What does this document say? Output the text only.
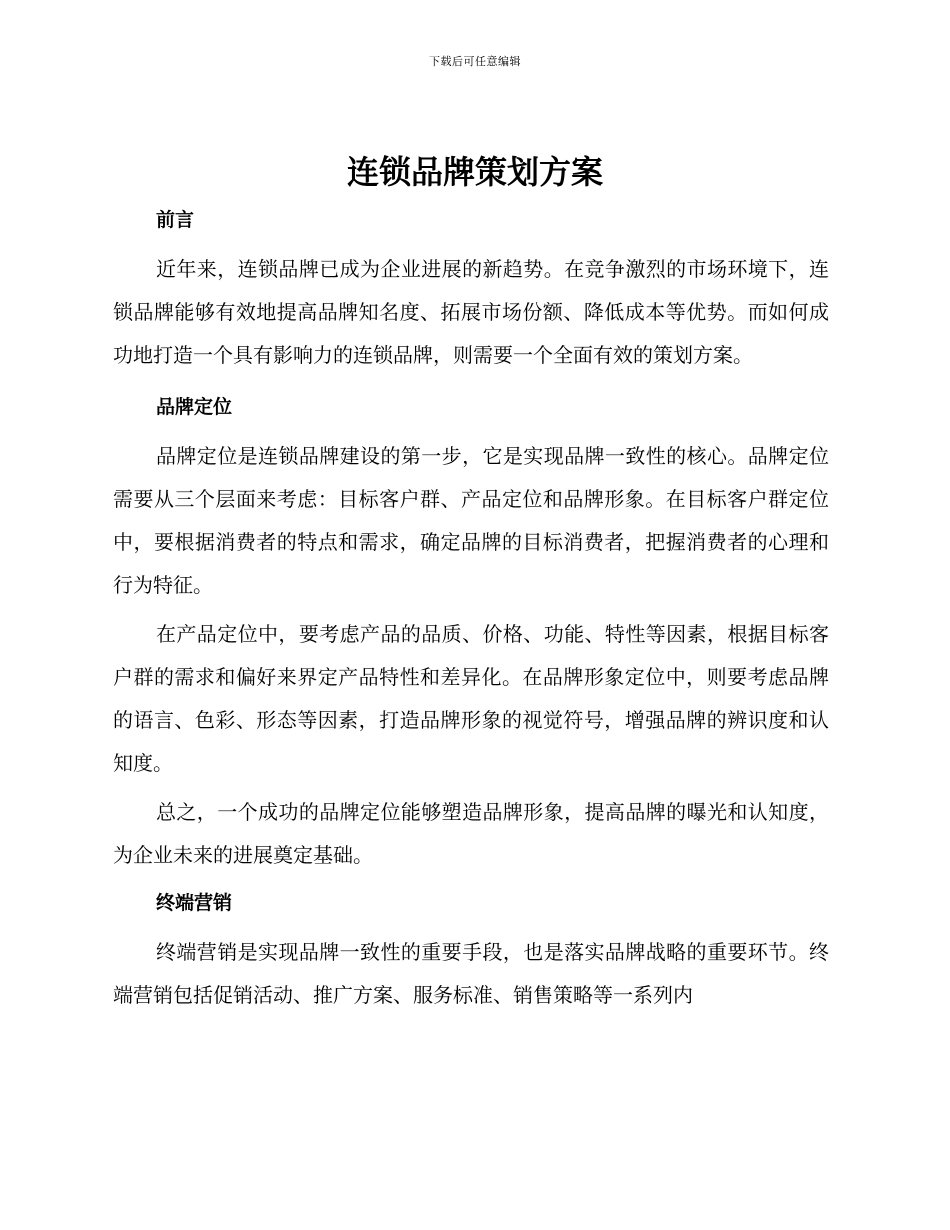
下载后可任意编辑
连锁品牌策划方案
前言

近年来，连锁品牌已成为企业进展的新趋势。在竞争激烈的市场环境下，连锁品牌能够有效地提高品牌知名度、拓展市场份额、降低成本等优势。而如何成功地打造一个具有影响力的连锁品牌，则需要一个全面有效的策划方案。

品牌定位

品牌定位是连锁品牌建设的第一步，它是实现品牌一致性的核心。品牌定位需要从三个层面来考虑：目标客户群、产品定位和品牌形象。在目标客户群定位中，要根据消费者的特点和需求，确定品牌的目标消费者，把握消费者的心理和行为特征。

在产品定位中，要考虑产品的品质、价格、功能、特性等因素，根据目标客户群的需求和偏好来界定产品特性和差异化。在品牌形象定位中，则要考虑品牌的语言、色彩、形态等因素，打造品牌形象的视觉符号，增强品牌的辨识度和认知度。

总之，一个成功的品牌定位能够塑造品牌形象，提高品牌的曝光和认知度，为企业未来的进展奠定基础。

终端营销

终端营销是实现品牌一致性的重要手段，也是落实品牌战略的重要环节。终端营销包括促销活动、推广方案、服务标准、销售策略等一系列内
